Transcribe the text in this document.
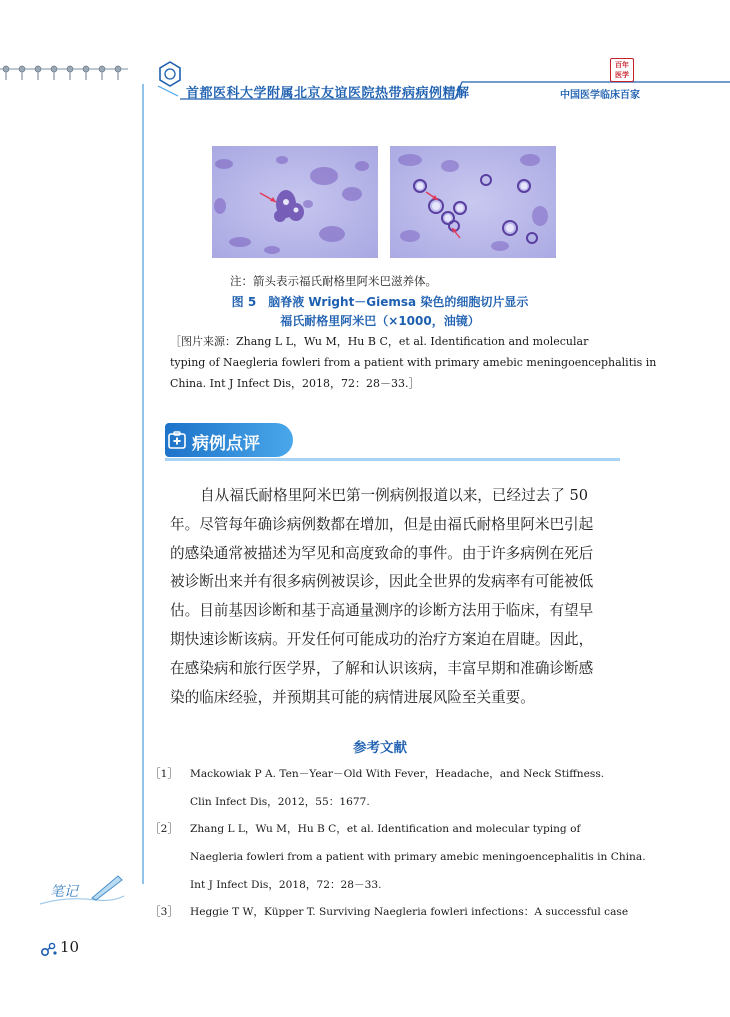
首都医科大学附属北京友谊医院热带病病例精解
百年
医学
中国医学临床百家
注：箭头表示福氏耐格里阿米巴滋养体。
图 5　脑脊液 Wright－Giemsa 染色的细胞切片显示
福氏耐格里阿米巴（×1000，油镜）
［图片来源：Zhang L L，Wu M，Hu B C，et al. Identification and molecular
typing of Naegleria fowleri from a patient with primary amebic meningoencephalitis in
China. Int J Infect Dis，2018，72：28－33.］
病例点评
自从福氏耐格里阿米巴第一例病例报道以来，已经过去了 50
年。尽管每年确诊病例数都在增加，但是由福氏耐格里阿米巴引起
的感染通常被描述为罕见和高度致命的事件。由于许多病例在死后
被诊断出来并有很多病例被误诊，因此全世界的发病率有可能被低
估。目前基因诊断和基于高通量测序的诊断方法用于临床，有望早
期快速诊断该病。开发任何可能成功的治疗方案迫在眉睫。因此，
在感染病和旅行医学界，了解和认识该病，丰富早期和准确诊断感
染的临床经验，并预期其可能的病情进展风险至关重要。
参考文献
［1］ Mackowiak P A. Ten－Year－Old With Fever，Headache，and Neck Stiffness.
Clin Infect Dis，2012，55：1677.
［2］ Zhang L L，Wu M，Hu B C，et al. Identification and molecular typing of
Naegleria fowleri from a patient with primary amebic meningoencephalitis in China.
Int J Infect Dis，2018，72：28－33.
［3］ Heggie T W，Küpper T. Surviving Naegleria fowleri infections：A successful case
笔记
10
